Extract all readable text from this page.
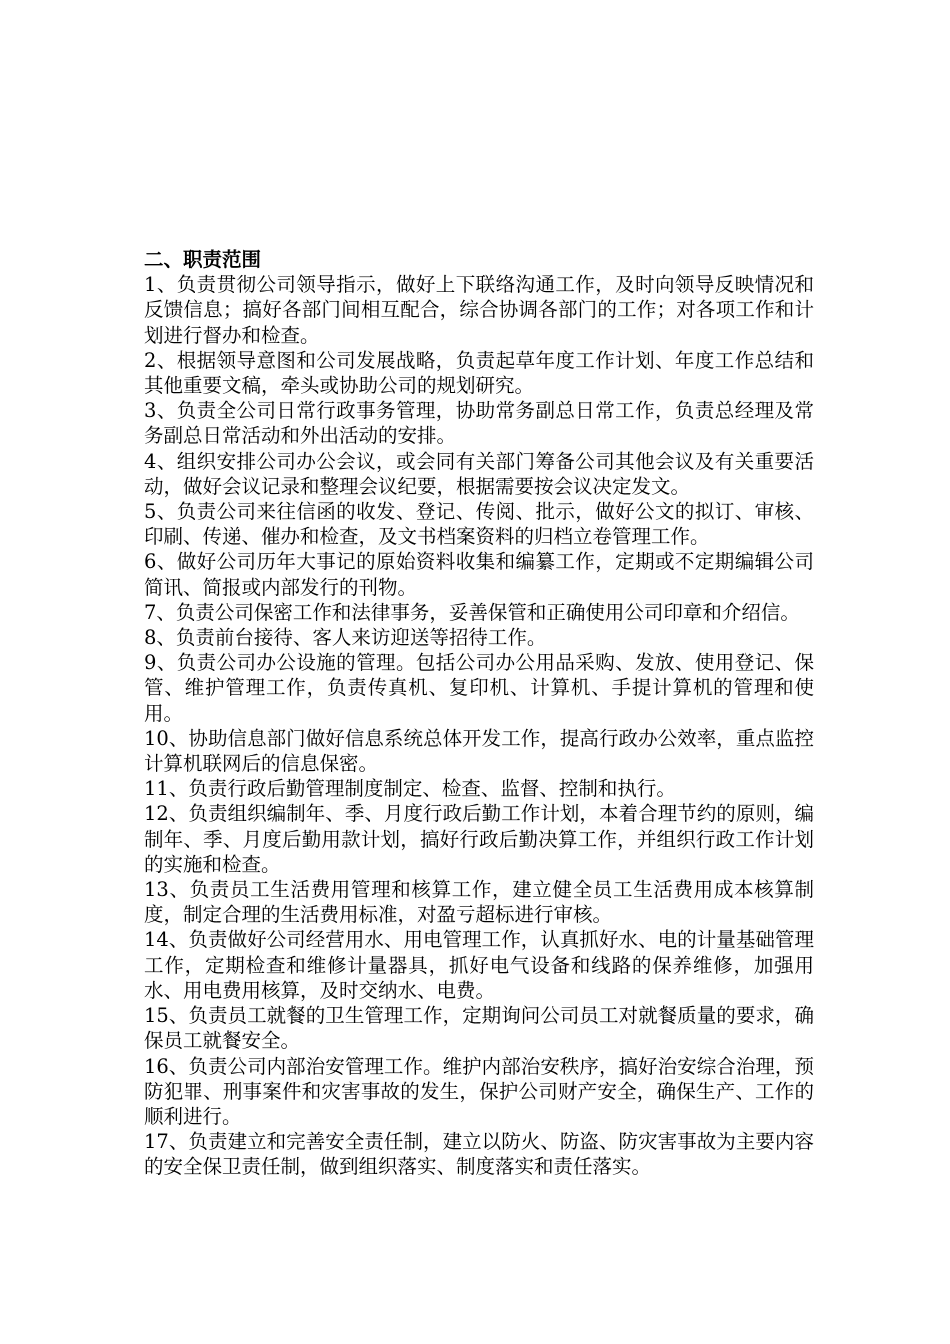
二、职责范围

1、负责贯彻公司领导指示，做好上下联络沟通工作，及时向领导反映情况和反馈信息；搞好各部门间相互配合，综合协调各部门的工作；对各项工作和计划进行督办和检查。

2、根据领导意图和公司发展战略，负责起草年度工作计划、年度工作总结和其他重要文稿，牵头或协助公司的规划研究。

3、负责全公司日常行政事务管理，协助常务副总日常工作，负责总经理及常务副总日常活动和外出活动的安排。

4、组织安排公司办公会议，或会同有关部门筹备公司其他会议及有关重要活动，做好会议记录和整理会议纪要，根据需要按会议决定发文。

5、负责公司来往信函的收发、登记、传阅、批示，做好公文的拟订、审核、印刷、传递、催办和检查，及文书档案资料的归档立卷管理工作。

6、做好公司历年大事记的原始资料收集和编纂工作，定期或不定期编辑公司简讯、简报或内部发行的刊物。

7、负责公司保密工作和法律事务，妥善保管和正确使用公司印章和介绍信。

8、负责前台接待、客人来访迎送等招待工作。

9、负责公司办公设施的管理。包括公司办公用品采购、发放、使用登记、保管、维护管理工作，负责传真机、复印机、计算机、手提计算机的管理和使用。

10、协助信息部门做好信息系统总体开发工作，提高行政办公效率，重点监控计算机联网后的信息保密。

11、负责行政后勤管理制度制定、检查、监督、控制和执行。

12、负责组织编制年、季、月度行政后勤工作计划，本着合理节约的原则，编制年、季、月度后勤用款计划，搞好行政后勤决算工作，并组织行政工作计划的实施和检查。

13、负责员工生活费用管理和核算工作，建立健全员工生活费用成本核算制度，制定合理的生活费用标准，对盈亏超标进行审核。

14、负责做好公司经营用水、用电管理工作，认真抓好水、电的计量基础管理工作，定期检查和维修计量器具，抓好电气设备和线路的保养维修，加强用水、用电费用核算，及时交纳水、电费。

15、负责员工就餐的卫生管理工作，定期询问公司员工对就餐质量的要求，确保员工就餐安全。

16、负责公司内部治安管理工作。维护内部治安秩序，搞好治安综合治理，预防犯罪、刑事案件和灾害事故的发生，保护公司财产安全，确保生产、工作的顺利进行。

17、负责建立和完善安全责任制，建立以防火、防盗、防灾害事故为主要内容的安全保卫责任制，做到组织落实、制度落实和责任落实。
